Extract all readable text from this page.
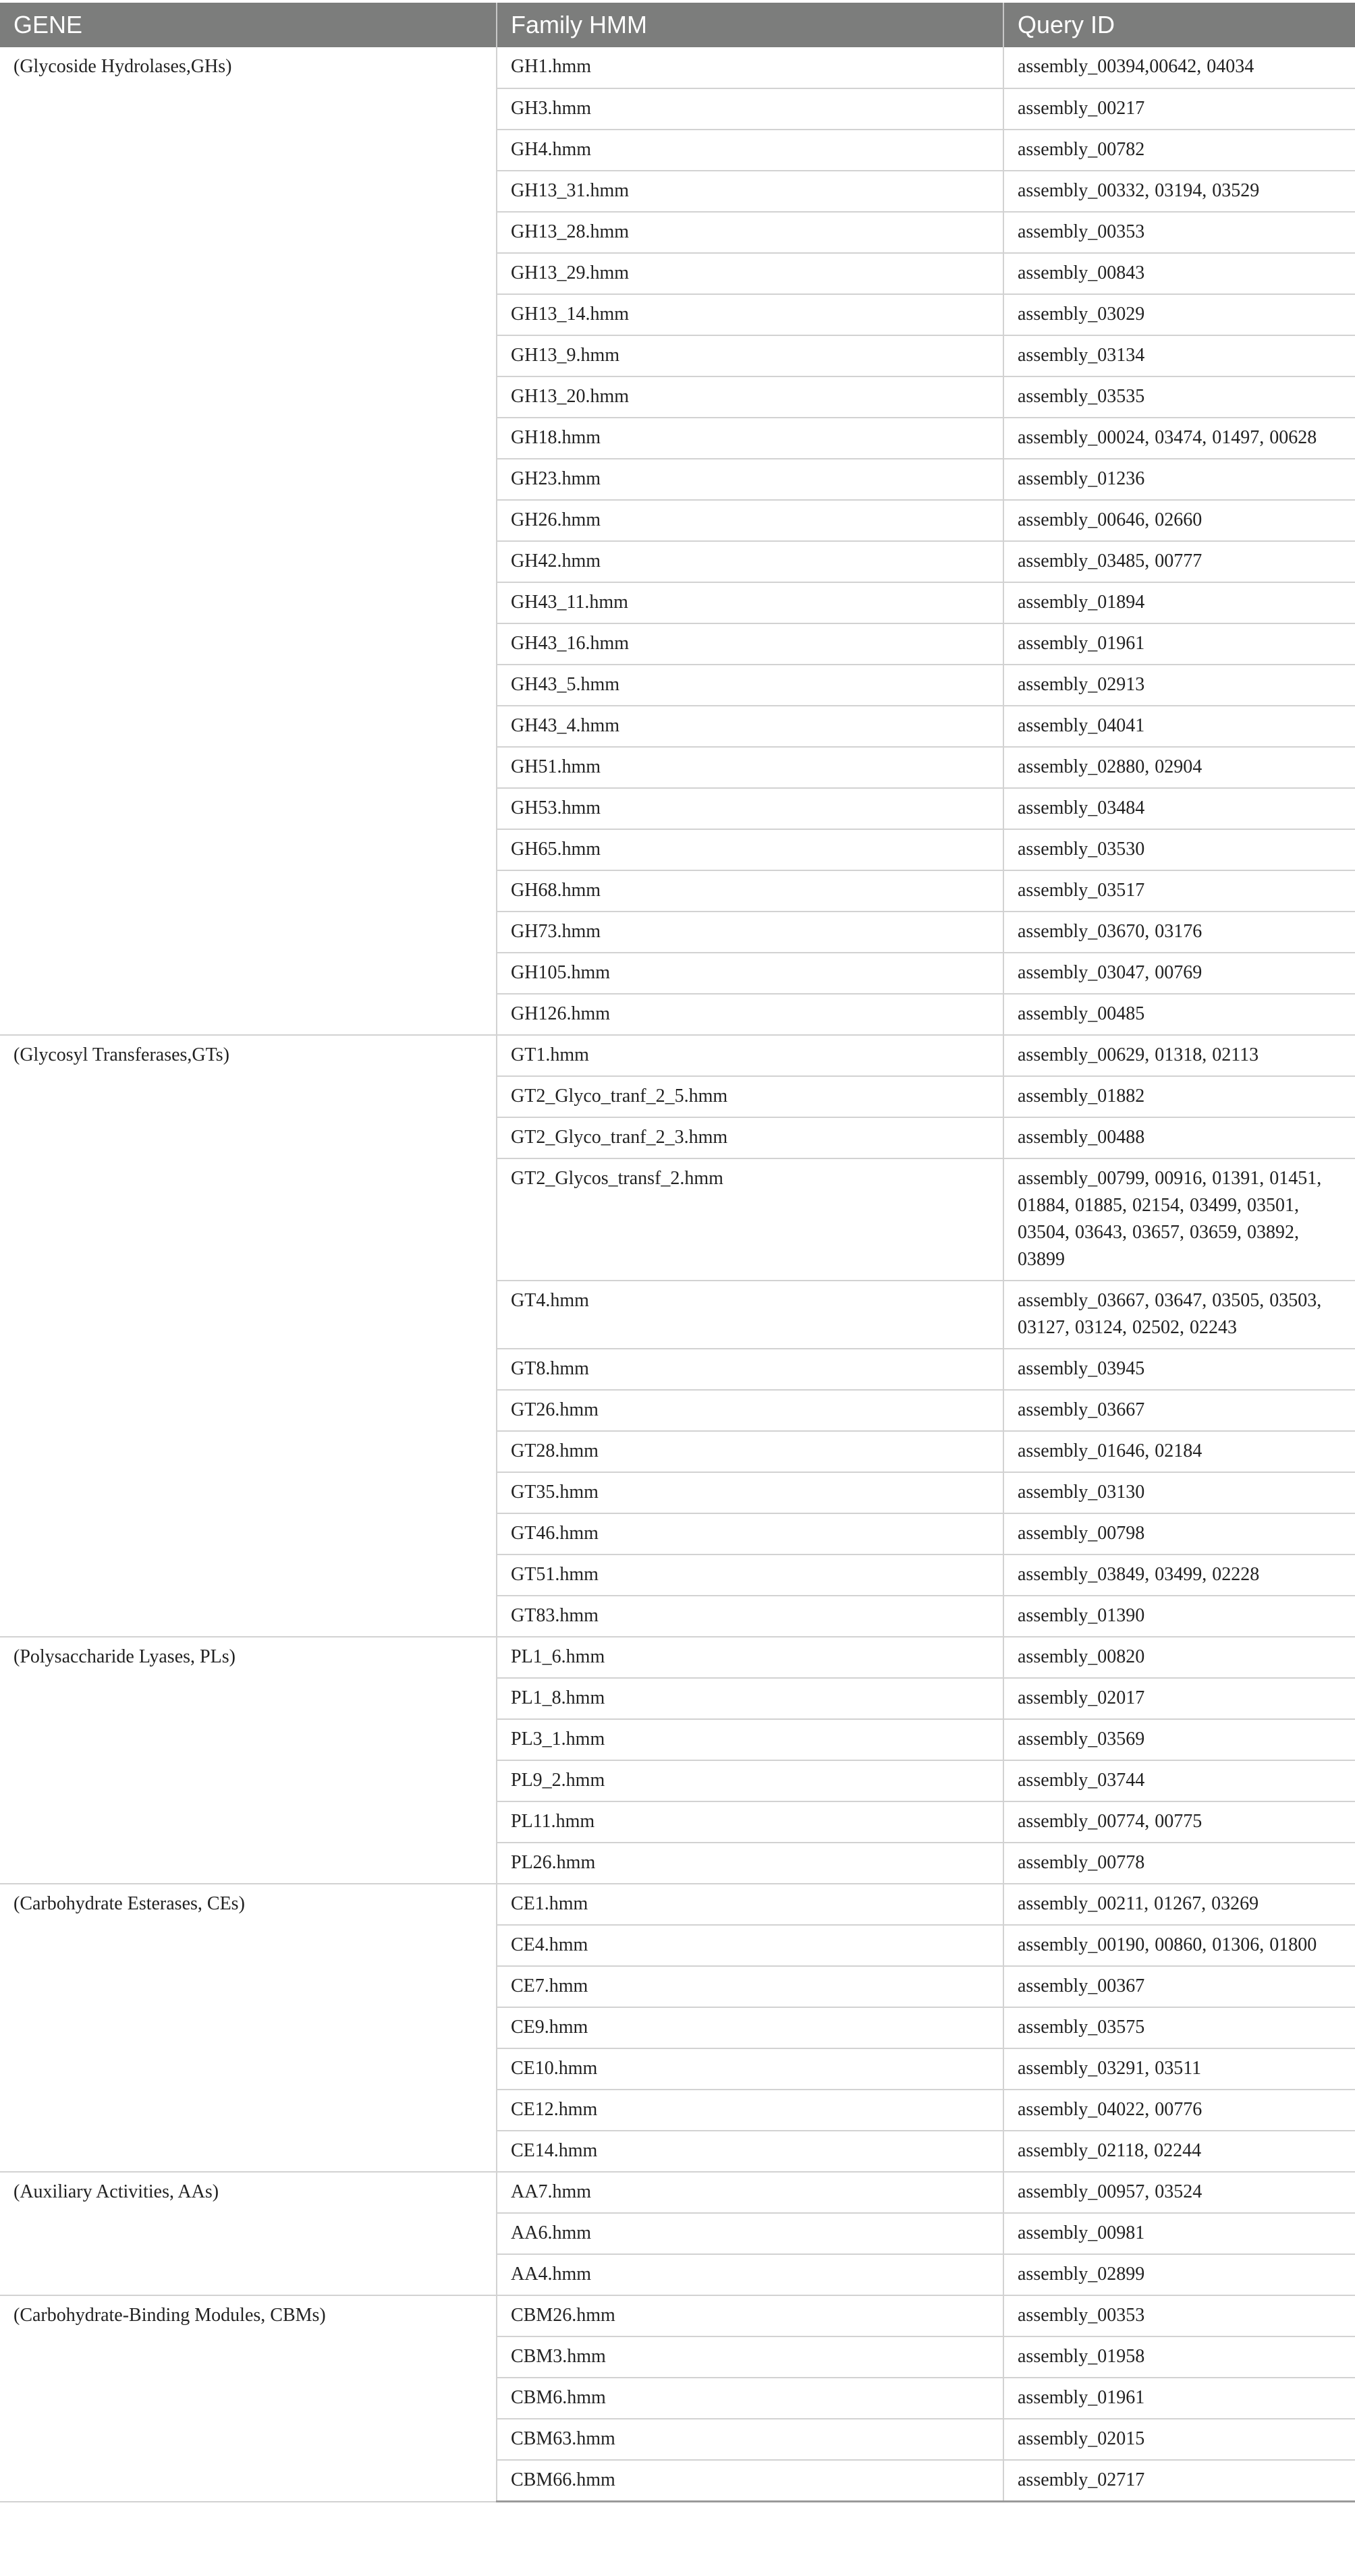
GENE	Family HMM	Query ID
(Glycoside Hydrolases,GHs)	GH1.hmm	assembly_00394,00642, 04034
	GH3.hmm	assembly_00217
	GH4.hmm	assembly_00782
	GH13_31.hmm	assembly_00332, 03194, 03529
	GH13_28.hmm	assembly_00353
	GH13_29.hmm	assembly_00843
	GH13_14.hmm	assembly_03029
	GH13_9.hmm	assembly_03134
	GH13_20.hmm	assembly_03535
	GH18.hmm	assembly_00024, 03474, 01497, 00628
	GH23.hmm	assembly_01236
	GH26.hmm	assembly_00646, 02660
	GH42.hmm	assembly_03485, 00777
	GH43_11.hmm	assembly_01894
	GH43_16.hmm	assembly_01961
	GH43_5.hmm	assembly_02913
	GH43_4.hmm	assembly_04041
	GH51.hmm	assembly_02880, 02904
	GH53.hmm	assembly_03484
	GH65.hmm	assembly_03530
	GH68.hmm	assembly_03517
	GH73.hmm	assembly_03670, 03176
	GH105.hmm	assembly_03047, 00769
	GH126.hmm	assembly_00485
(Glycosyl Transferases,GTs)	GT1.hmm	assembly_00629, 01318, 02113
	GT2_Glyco_tranf_2_5.hmm	assembly_01882
	GT2_Glyco_tranf_2_3.hmm	assembly_00488
	GT2_Glycos_transf_2.hmm	assembly_00799, 00916, 01391, 01451, 01884, 01885, 02154, 03499, 03501, 03504, 03643, 03657, 03659, 03892, 03899
	GT4.hmm	assembly_03667, 03647, 03505, 03503, 03127, 03124, 02502, 02243
	GT8.hmm	assembly_03945
	GT26.hmm	assembly_03667
	GT28.hmm	assembly_01646, 02184
	GT35.hmm	assembly_03130
	GT46.hmm	assembly_00798
	GT51.hmm	assembly_03849, 03499, 02228
	GT83.hmm	assembly_01390
(Polysaccharide Lyases, PLs)	PL1_6.hmm	assembly_00820
	PL1_8.hmm	assembly_02017
	PL3_1.hmm	assembly_03569
	PL9_2.hmm	assembly_03744
	PL11.hmm	assembly_00774, 00775
	PL26.hmm	assembly_00778
(Carbohydrate Esterases, CEs)	CE1.hmm	assembly_00211, 01267, 03269
	CE4.hmm	assembly_00190, 00860, 01306, 01800
	CE7.hmm	assembly_00367
	CE9.hmm	assembly_03575
	CE10.hmm	assembly_03291, 03511
	CE12.hmm	assembly_04022, 00776
	CE14.hmm	assembly_02118, 02244
(Auxiliary Activities, AAs)	AA7.hmm	assembly_00957, 03524
	AA6.hmm	assembly_00981
	AA4.hmm	assembly_02899
(Carbohydrate-Binding Modules, CBMs)	CBM26.hmm	assembly_00353
	CBM3.hmm	assembly_01958
	CBM6.hmm	assembly_01961
	CBM63.hmm	assembly_02015
	CBM66.hmm	assembly_02717
